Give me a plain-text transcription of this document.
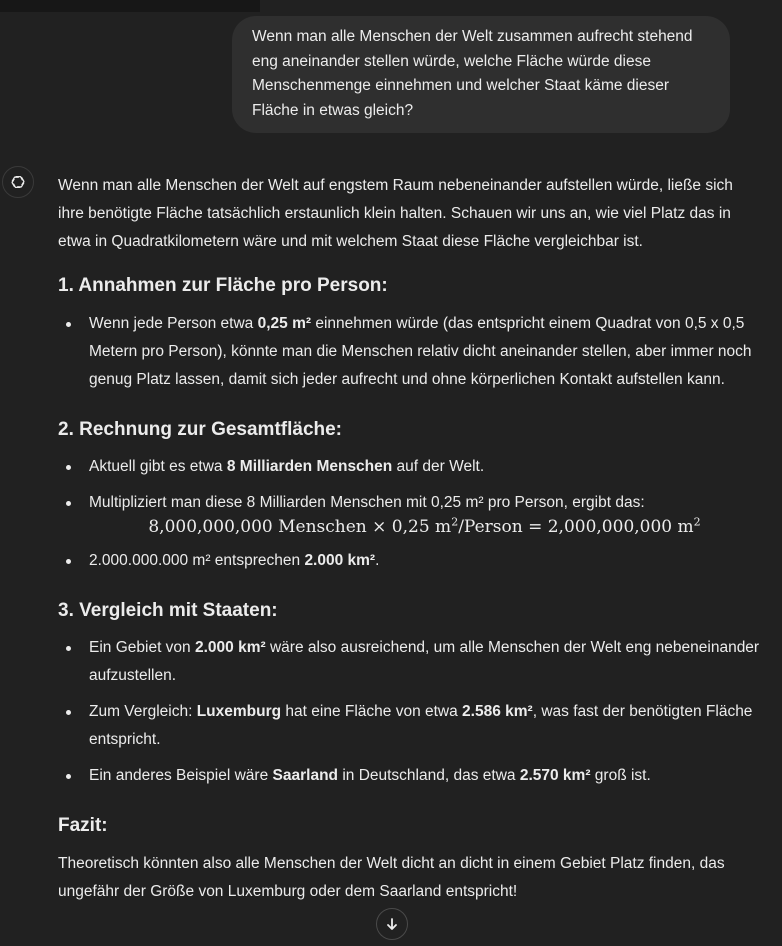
Wenn man alle Menschen der Welt zusammen aufrecht stehend eng aneinander stellen würde, welche Fläche würde diese Menschenmenge einnehmen und welcher Staat käme dieser Fläche in etwas gleich?

Wenn man alle Menschen der Welt auf engstem Raum nebeneinander aufstellen würde, ließe sich ihre benötigte Fläche tatsächlich erstaunlich klein halten. Schauen wir uns an, wie viel Platz das in etwa in Quadratkilometern wäre und mit welchem Staat diese Fläche vergleichbar ist.

1. Annahmen zur Fläche pro Person:
Wenn jede Person etwa 0,25 m² einnehmen würde (das entspricht einem Quadrat von 0,5 x 0,5 Metern pro Person), könnte man die Menschen relativ dicht aneinander stellen, aber immer noch genug Platz lassen, damit sich jeder aufrecht und ohne körperlichen Kontakt aufstellen kann.
2. Rechnung zur Gesamtfläche:
Aktuell gibt es etwa 8 Milliarden Menschen auf der Welt.
Multipliziert man diese 8 Milliarden Menschen mit 0,25 m² pro Person, ergibt das:
8,000,000,000 Menschen × 0,25 $m^2$/Person = 2,000,000,000 $m^2$
2.000.000.000 m² entsprechen 2.000 km².
3. Vergleich mit Staaten:
Ein Gebiet von 2.000 km² wäre also ausreichend, um alle Menschen der Welt eng nebeneinander aufzustellen.
Zum Vergleich: Luxemburg hat eine Fläche von etwa 2.586 km², was fast der benötigten Fläche entspricht.
Ein anderes Beispiel wäre Saarland in Deutschland, das etwa 2.570 km² groß ist.
Fazit:

Theoretisch könnten also alle Menschen der Welt dicht an dicht in einem Gebiet Platz finden, das ungefähr der Größe von Luxemburg oder dem Saarland entspricht!
